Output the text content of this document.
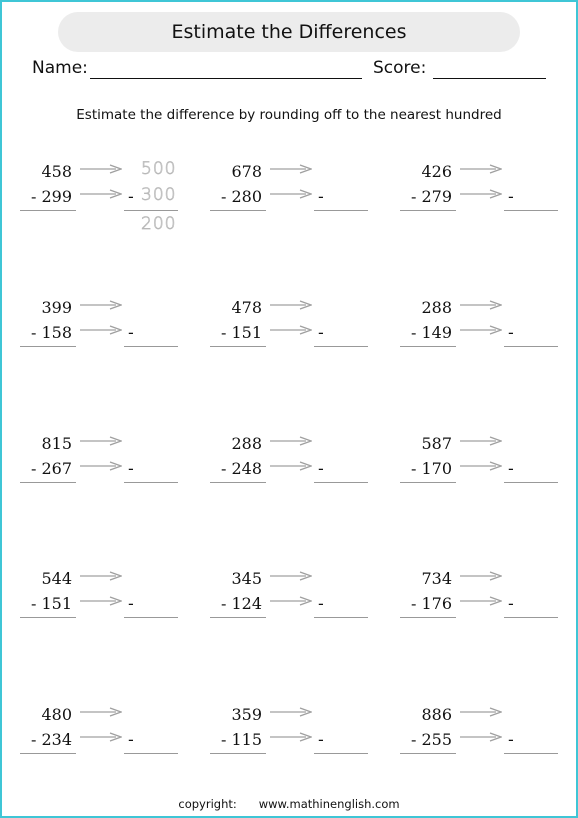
Estimate the Differences
Name:	Score:
Estimate the difference by rounding off to the nearest hundred
458
- 299	-
678
- 280	-
426
- 279	-
399
- 158	-
478
- 151	-
288
- 149	-
815
- 267	-
288
- 248	-
587
- 170	-
544
- 151	-
345
- 124	-
734
- 176	-
480
- 234	-
359
- 115	-
886
- 255	-
500
300
200
copyright: www.mathinenglish.com
